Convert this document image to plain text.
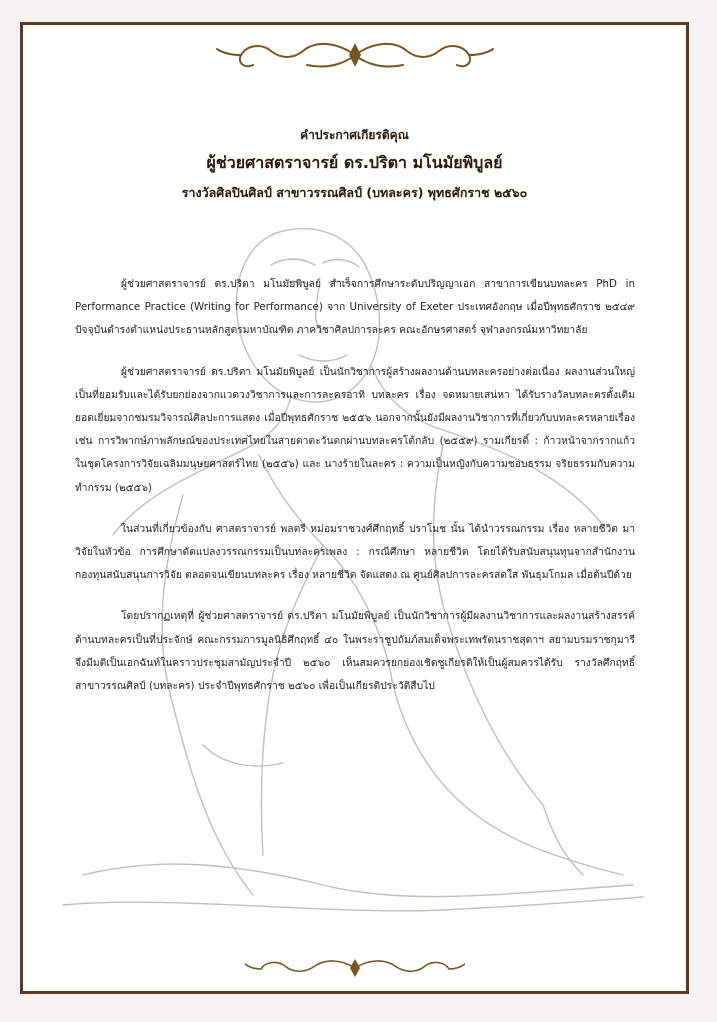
คำประกาศเกียรติคุณ
ผู้ช่วยศาสตราจารย์ ดร.ปริตา มโนมัยพิบูลย์
รางวัลศิลปินศิลป์ สาขาวรรณศิลป์ (บทละคร) พุทธศักราช ๒๕๖๐

ผู้ช่วยศาสตราจารย์ ดร.ปริตา มโนมัยพิบูลย์ สำเร็จการศึกษาระดับปริญญาเอก สาขาการเขียนบทละคร PhD in Performance Practice (Writing for Performance) จาก University of Exeter ประเทศอังกฤษ เมื่อปีพุทธศักราช ๒๕๔๙ ปัจจุบันดำรงตำแหน่งประธานหลักสูตรมหาบัณฑิต ภาควิชาศิลปการละคร คณะอักษรศาสตร์ จุฬาลงกรณ์มหาวิทยาลัย

ผู้ช่วยศาสตราจารย์ ดร.ปริตา มโนมัยพิบูลย์ เป็นนักวิชาการผู้สร้างผลงานด้านบทละครอย่างต่อเนื่อง ผลงานส่วนใหญ่เป็นที่ยอมรับและได้รับยกย่องจากแวดวงวิชาการและการละครอาทิ บทละคร เรื่อง จดหมายเสน่หา ได้รับรางวัลบทละครดั้งเดิมยอดเยี่ยมจากชมรมวิจารณ์ศิลปะการแสดง เมื่อปีพุทธศักราช ๒๕๕๖ นอกจากนั้นยังมีผลงานวิชาการที่เกี่ยวกับบทละครหลายเรื่อง เช่น การวิพากษ์ภาพลักษณ์ของประเทศไทยในสายตาตะวันตกผ่านบทละครโต้กลับ (๒๕๕๙) รามเกียรติ์ : ก้าวหน้าจากรากแก้ว ในชุดโครงการวิจัยเฉลิมมนุษยศาสตร์ไทย (๒๕๕๖) และ นางร้ายในละคร : ความเป็นหญิงกับความชอบธรรม จริยธรรมกับความทำกรรม (๒๕๕๖)

ในส่วนที่เกี่ยวข้องกับ ศาสตราจารย์ พลตรี หม่อมราชวงศ์ศึกฤทธิ์ ปราโมช นั้น ได้นำวรรณกรรม เรื่อง หลายชีวิต มาวิจัยในหัวข้อ การศึกษาดัดแปลงวรรณกรรมเป็นบทละครเพลง : กรณีศึกษา หลายชีวิต โดยได้รับสนับสนุนทุนจากสำนักงานกองทุนสนับสนุนการวิจัย ตลอดจนเขียนบทละคร เรื่อง หลายชีวิต จัดแสดง ณ ศูนย์ศิลปการละครสดใส พันธุมโกมล เมื่อต้นปีด้วย

โดยปรากฏเหตุที่ ผู้ช่วยศาสตราจารย์ ดร.ปริตา มโนมัยพิบูลย์ เป็นนักวิชาการผู้มีผลงานวิชาการและผลงานสร้างสรรค์ด้านบทละครเป็นที่ประจักษ์ คณะกรรมการมูลนิธิศึกฤทธิ์ ๔๐ ในพระราชูปถัมภ์สมเด็จพระเทพรัตนราชสุดาฯ สยามบรมราชกุมารี จึงมีมติเป็นเอกฉันท์ในคราวประชุมสามัญประจำปี ๒๕๖๐ เห็นสมควรยกย่องเชิดชูเกียรติให้เป็นผู้สมควรได้รับ รางวัลศึกฤทธิ์ สาขาวรรณศิลป์ (บทละคร) ประจำปีพุทธศักราช ๒๕๖๐ เพื่อเป็นเกียรติประวัติสืบไป
